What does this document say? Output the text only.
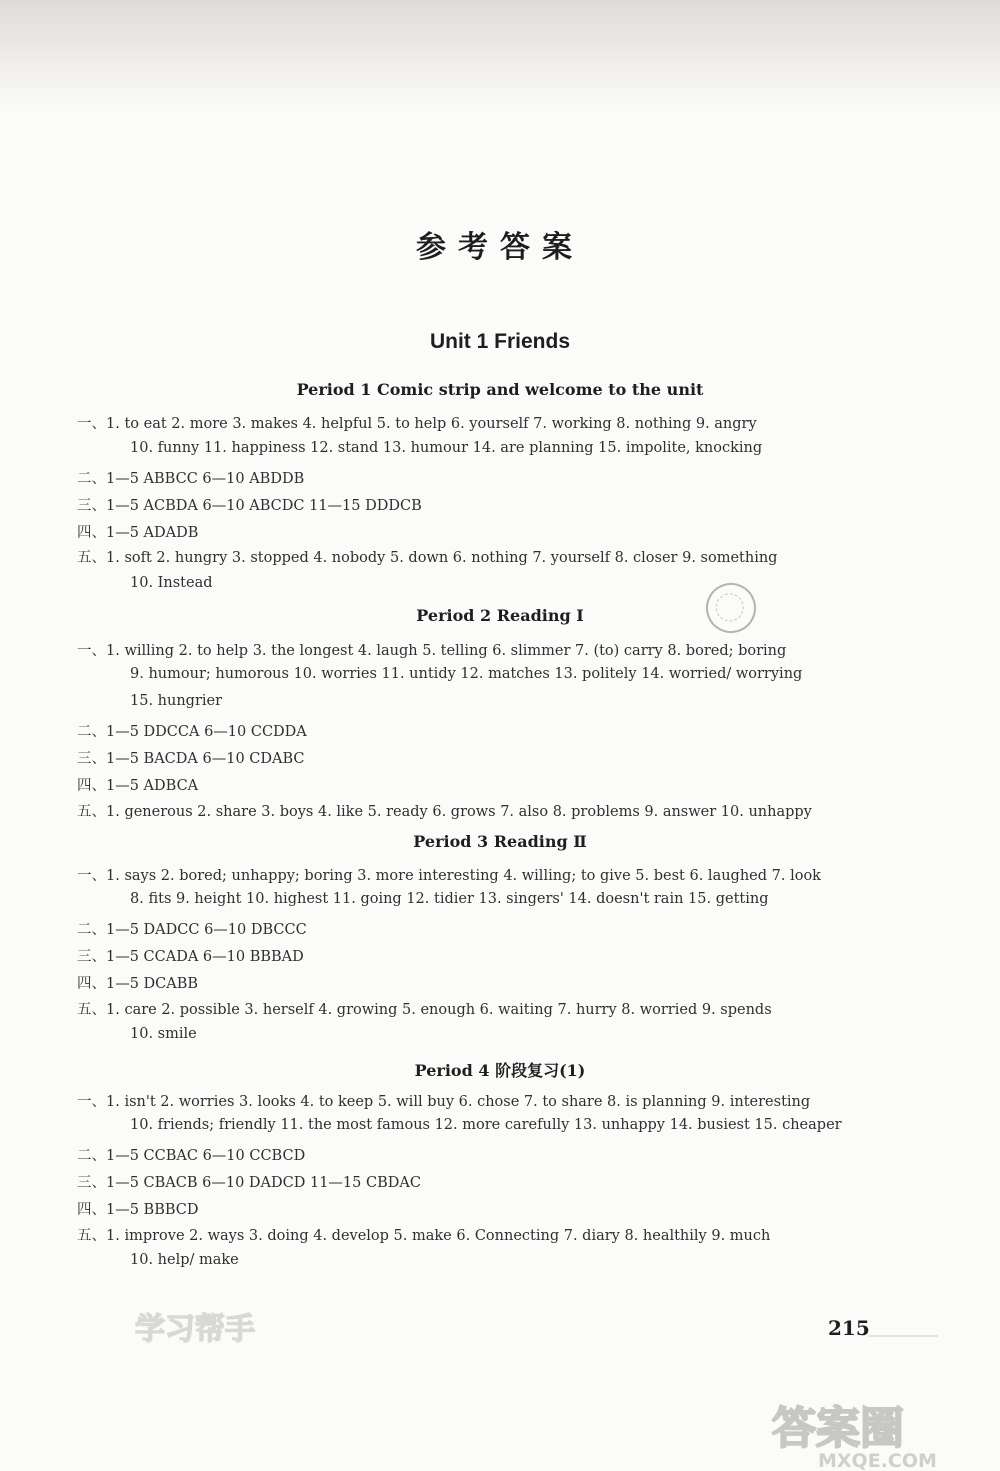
参考答案
Unit 1 Friends
Period 1 Comic strip and welcome to the unit
一、1. to eat 2. more 3. makes 4. helpful 5. to help 6. yourself 7. working 8. nothing 9. angry
10. funny 11. happiness 12. stand 13. humour 14. are planning 15. impolite, knocking
二、1—5 ABBCC 6—10 ABDDB
三、1—5 ACBDA 6—10 ABCDC 11—15 DDDCB
四、1—5 ADADB
五、1. soft 2. hungry 3. stopped 4. nobody 5. down 6. nothing 7. yourself 8. closer 9. something
10. Instead
Period 2 Reading Ⅰ
一、1. willing 2. to help 3. the longest 4. laugh 5. telling 6. slimmer 7. (to) carry 8. bored; boring
9. humour; humorous 10. worries 11. untidy 12. matches 13. politely 14. worried/ worrying
15. hungrier
二、1—5 DDCCA 6—10 CCDDA
三、1—5 BACDA 6—10 CDABC
四、1—5 ADBCA
五、1. generous 2. share 3. boys 4. like 5. ready 6. grows 7. also 8. problems 9. answer 10. unhappy
Period 3 Reading Ⅱ
一、1. says 2. bored; unhappy; boring 3. more interesting 4. willing; to give 5. best 6. laughed 7. look
8. fits 9. height 10. highest 11. going 12. tidier 13. singers' 14. doesn't rain 15. getting
二、1—5 DADCC 6—10 DBCCC
三、1—5 CCADA 6—10 BBBAD
四、1—5 DCABB
五、1. care 2. possible 3. herself 4. growing 5. enough 6. waiting 7. hurry 8. worried 9. spends
10. smile
Period 4 阶段复习(1)
一、1. isn't 2. worries 3. looks 4. to keep 5. will buy 6. chose 7. to share 8. is planning 9. interesting
10. friends; friendly 11. the most famous 12. more carefully 13. unhappy 14. busiest 15. cheaper
二、1—5 CCBAC 6—10 CCBCD
三、1—5 CBACB 6—10 DADCD 11—15 CBDAC
四、1—5 BBBCD
五、1. improve 2. ways 3. doing 4. develop 5. make 6. Connecting 7. diary 8. healthily 9. much
10. help/ make
215
学习帮手
答案圈
MXQE.COM
